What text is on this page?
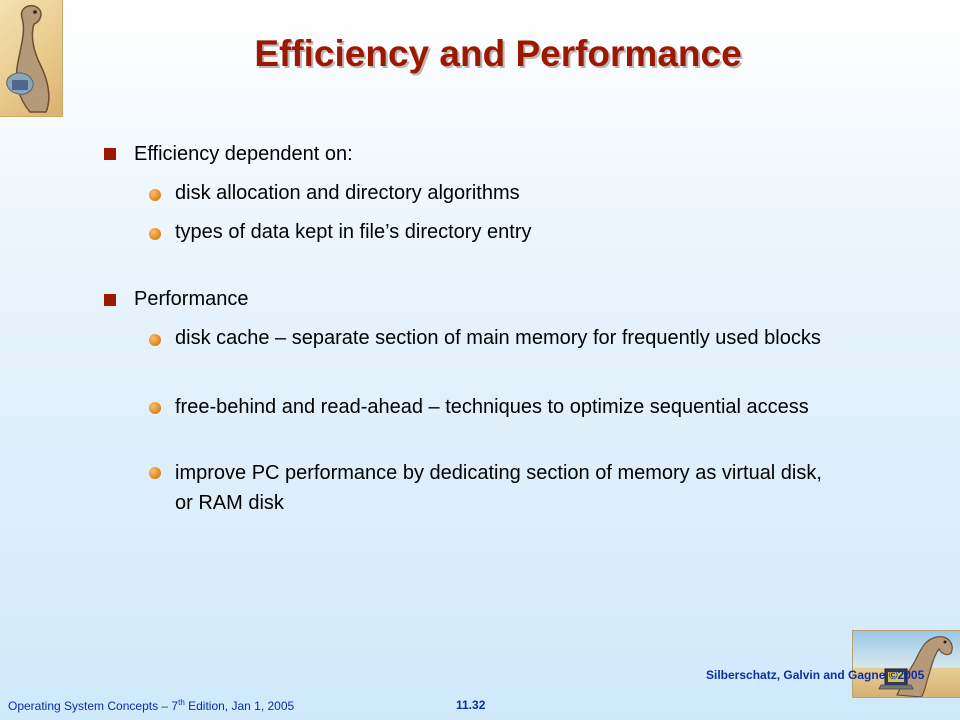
Efficiency and Performance
Efficiency dependent on:
disk allocation and directory algorithms
types of data kept in file’s directory entry
Performance
disk cache – separate section of main memory for frequently used blocks
free-behind and read-ahead – techniques to optimize sequential access
improve PC performance by dedicating section of memory as virtual disk, or RAM disk
Operating System Concepts – 7th Edition, Jan 1, 2005	11.32
Silberschatz, Galvin and Gagne ©2005
